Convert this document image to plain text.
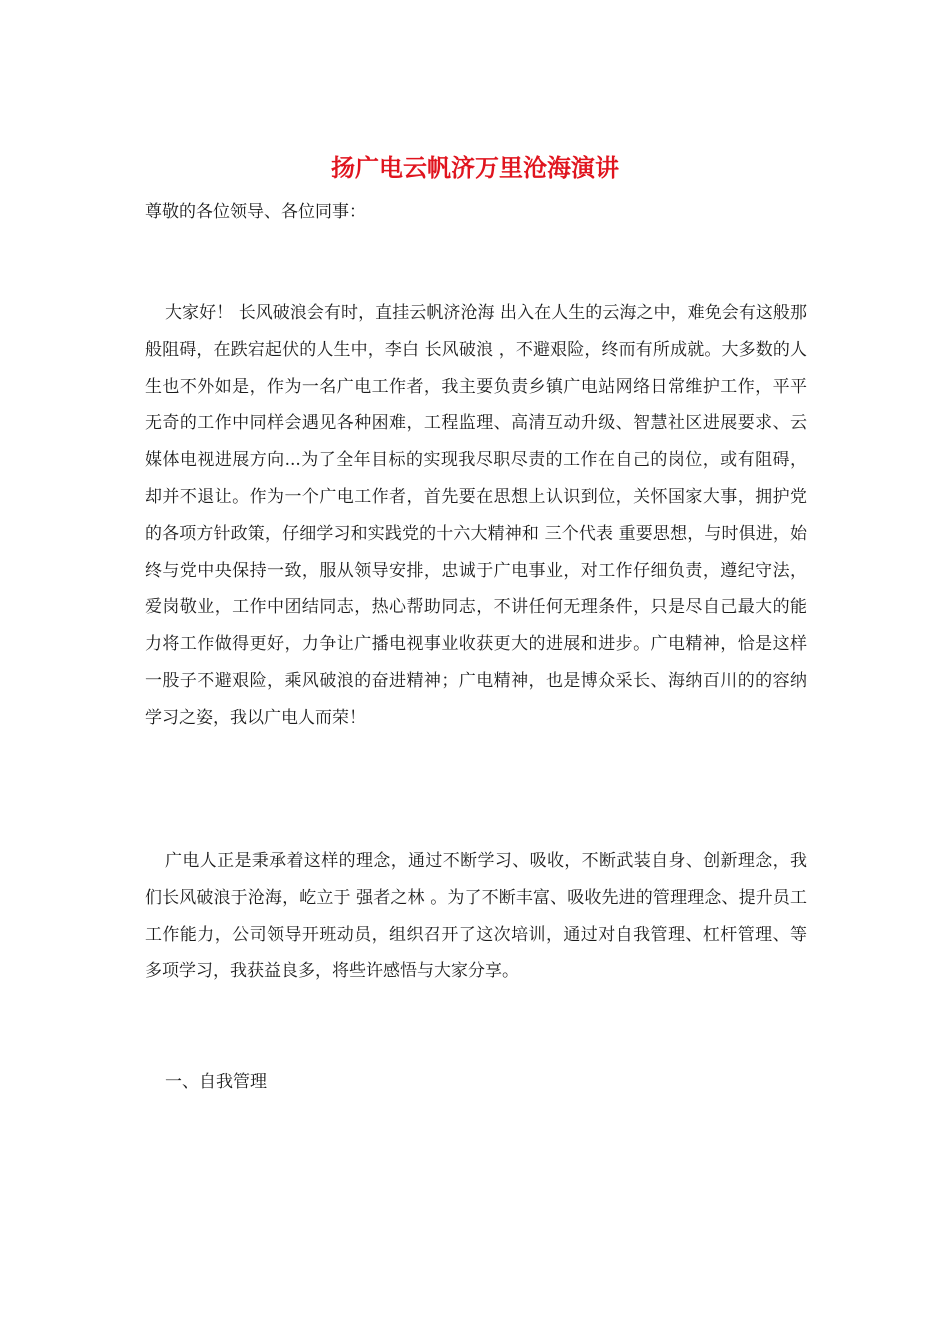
扬广电云帆济万里沧海演讲

尊敬的各位领导、各位同事：

大家好！ 长风破浪会有时，直挂云帆济沧海 出入在人生的云海之中，难免会有这般那般阻碍，在跌宕起伏的人生中，李白 长风破浪 ，不避艰险，终而有所成就。大多数的人生也不外如是，作为一名广电工作者，我主要负责乡镇广电站网络日常维护工作，平平无奇的工作中同样会遇见各种困难，工程监理、高清互动升级、智慧社区进展要求、云媒体电视进展方向...为了全年目标的实现我尽职尽责的工作在自己的岗位，或有阻碍，却并不退让。作为一个广电工作者，首先要在思想上认识到位，关怀国家大事，拥护党的各项方针政策，仔细学习和实践党的十六大精神和 三个代表 重要思想，与时俱进，始终与党中央保持一致，服从领导安排，忠诚于广电事业，对工作仔细负责，遵纪守法，爱岗敬业，工作中团结同志，热心帮助同志，不讲任何无理条件，只是尽自己最大的能力将工作做得更好，力争让广播电视事业收获更大的进展和进步。广电精神，恰是这样一股子不避艰险，乘风破浪的奋进精神；广电精神，也是博众采长、海纳百川的的容纳学习之姿，我以广电人而荣！

广电人正是秉承着这样的理念，通过不断学习、吸收，不断武装自身、创新理念，我们长风破浪于沧海，屹立于 强者之林 。为了不断丰富、吸收先进的管理理念、提升员工工作能力，公司领导开班动员，组织召开了这次培训，通过对自我管理、杠杆管理、等多项学习，我获益良多，将些许感悟与大家分享。

一、自我管理
